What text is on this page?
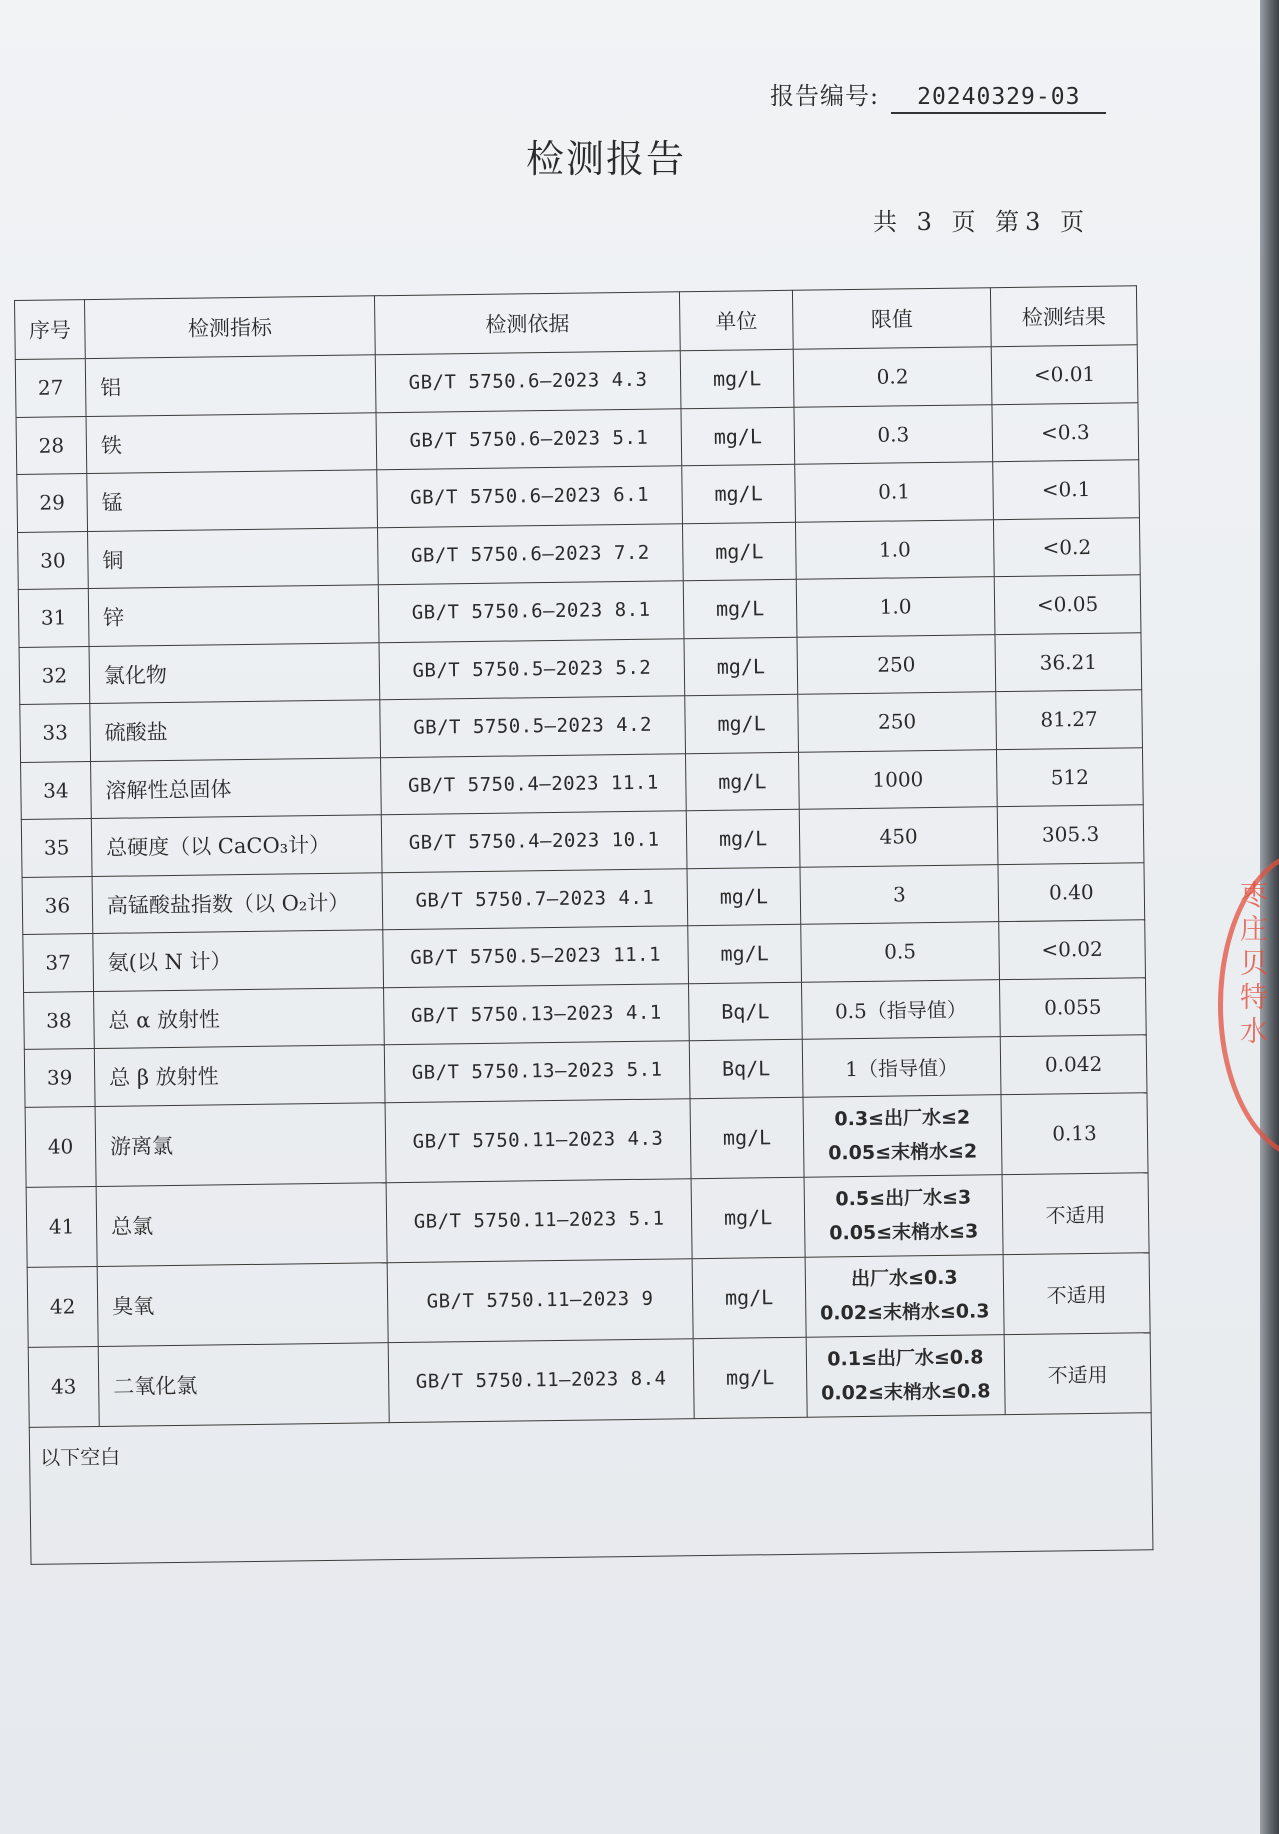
报告编号: 20240329-03
检测报告
共 3 页 第3 页
序号	检测指标	检测依据	单位	限值	检测结果
27	铝	GB/T 5750.6—2023 4.3	mg/L	0.2	<0.01
28	铁	GB/T 5750.6—2023 5.1	mg/L	0.3	<0.3
29	锰	GB/T 5750.6—2023 6.1	mg/L	0.1	<0.1
30	铜	GB/T 5750.6—2023 7.2	mg/L	1.0	<0.2
31	锌	GB/T 5750.6—2023 8.1	mg/L	1.0	<0.05
32	氯化物	GB/T 5750.5—2023 5.2	mg/L	250	36.21
33	硫酸盐	GB/T 5750.5—2023 4.2	mg/L	250	81.27
34	溶解性总固体	GB/T 5750.4—2023 11.1	mg/L	1000	512
35	总硬度（以 CaCO₃计）	GB/T 5750.4—2023 10.1	mg/L	450	305.3
36	高锰酸盐指数（以 O₂计）	GB/T 5750.7—2023 4.1	mg/L	3	0.40
37	氨(以 N 计）	GB/T 5750.5—2023 11.1	mg/L	0.5	<0.02
38	总 α 放射性	GB/T 5750.13—2023 4.1	Bq/L	0.5（指导值）	0.055
39	总 β 放射性	GB/T 5750.13—2023 5.1	Bq/L	1（指导值）	0.042
40	游离氯	GB/T 5750.11—2023 4.3	mg/L	0.3≤出厂水≤2
0.05≤末梢水≤2	0.13
41	总氯	GB/T 5750.11—2023 5.1	mg/L	0.5≤出厂水≤3
0.05≤末梢水≤3	不适用
42	臭氧	GB/T 5750.11—2023 9	mg/L	出厂水≤0.3
0.02≤末梢水≤0.3	不适用
43	二氧化氯	GB/T 5750.11—2023 8.4	mg/L	0.1≤出厂水≤0.8
0.02≤末梢水≤0.8	不适用
以下空白					
枣庄贝特水
